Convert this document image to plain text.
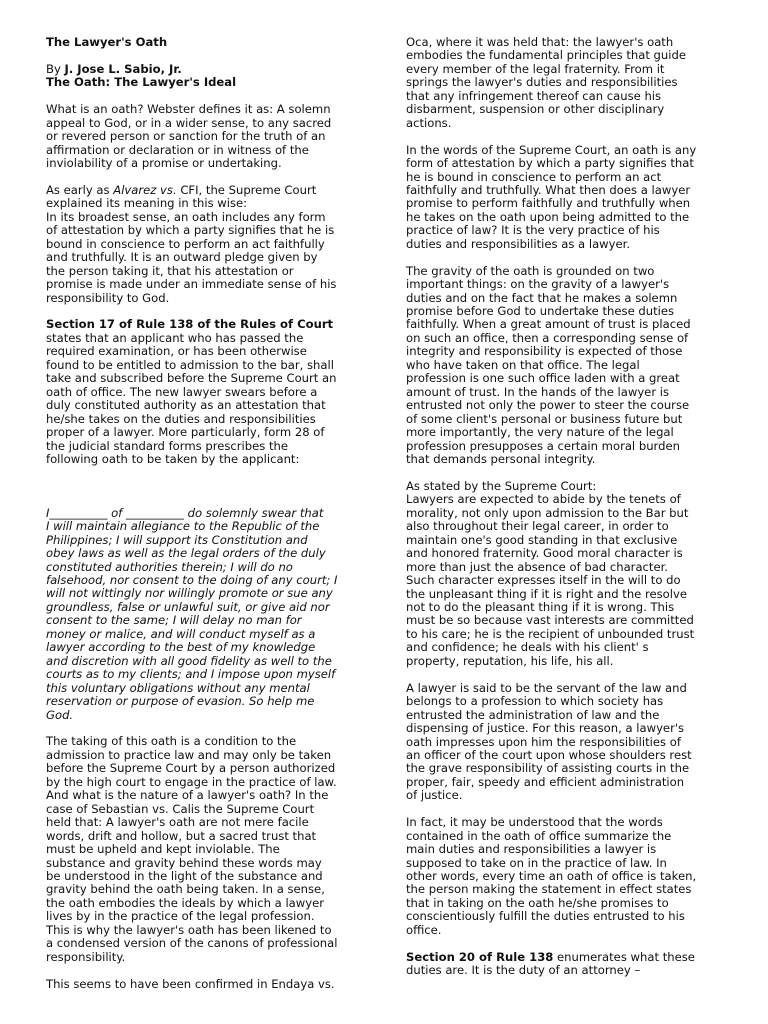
The Lawyer's Oath

By J. Jose L. Sabio, Jr.

The Oath: The Lawyer's Ideal

What is an oath? Webster defines it as: A solemn
appeal to God, or in a wider sense, to any sacred
or revered person or sanction for the truth of an
affirmation or declaration or in witness of the
inviolability of a promise or undertaking.

As early as Alvarez vs. CFI, the Supreme Court
explained its meaning in this wise:
In its broadest sense, an oath includes any form
of attestation by which a party signifies that he is
bound in conscience to perform an act faithfully
and truthfully. It is an outward pledge given by
the person taking it, that his attestation or
promise is made under an immediate sense of his
responsibility to God.

Section 17 of Rule 138 of the Rules of Court

states that an applicant who has passed the
required examination, or has been otherwise
found to be entitled to admission to the bar, shall
take and subscribed before the Supreme Court an
oath of office. The new lawyer swears before a
duly constituted authority as an attestation that
he/she takes on the duties and responsibilities
proper of a lawyer. More particularly, form 28 of
the judicial standard forms prescribes the
following oath to be taken by the applicant:

I__________ of __________ do solemnly swear that
I will maintain allegiance to the Republic of the
Philippines; I will support its Constitution and
obey laws as well as the legal orders of the duly
constituted authorities therein; I will do no
falsehood, nor consent to the doing of any court; I
will not wittingly nor willingly promote or sue any
groundless, false or unlawful suit, or give aid nor
consent to the same; I will delay no man for
money or malice, and will conduct myself as a
lawyer according to the best of my knowledge
and discretion with all good fidelity as well to the
courts as to my clients; and I impose upon myself
this voluntary obligations without any mental
reservation or purpose of evasion. So help me
God.

The taking of this oath is a condition to the
admission to practice law and may only be taken
before the Supreme Court by a person authorized
by the high court to engage in the practice of law.
And what is the nature of a lawyer's oath? In the
case of Sebastian vs. Calis the Supreme Court
held that: A lawyer's oath are not mere facile
words, drift and hollow, but a sacred trust that
must be upheld and kept inviolable. The
substance and gravity behind these words may
be understood in the light of the substance and
gravity behind the oath being taken. In a sense,
the oath embodies the ideals by which a lawyer
lives by in the practice of the legal profession.
This is why the lawyer's oath has been likened to
a condensed version of the canons of professional
responsibility.

This seems to have been confirmed in Endaya vs.

Oca, where it was held that: the lawyer's oath
embodies the fundamental principles that guide
every member of the legal fraternity. From it
springs the lawyer's duties and responsibilities
that any infringement thereof can cause his
disbarment, suspension or other disciplinary
actions.

In the words of the Supreme Court, an oath is any
form of attestation by which a party signifies that
he is bound in conscience to perform an act
faithfully and truthfully. What then does a lawyer
promise to perform faithfully and truthfully when
he takes on the oath upon being admitted to the
practice of law? It is the very practice of his
duties and responsibilities as a lawyer.

The gravity of the oath is grounded on two
important things: on the gravity of a lawyer's
duties and on the fact that he makes a solemn
promise before God to undertake these duties
faithfully. When a great amount of trust is placed
on such an office, then a corresponding sense of
integrity and responsibility is expected of those
who have taken on that office. The legal
profession is one such office laden with a great
amount of trust. In the hands of the lawyer is
entrusted not only the power to steer the course
of some client's personal or business future but
more importantly, the very nature of the legal
profession presupposes a certain moral burden
that demands personal integrity.

As stated by the Supreme Court:
Lawyers are expected to abide by the tenets of
morality, not only upon admission to the Bar but
also throughout their legal career, in order to
maintain one's good standing in that exclusive
and honored fraternity. Good moral character is
more than just the absence of bad character.
Such character expresses itself in the will to do
the unpleasant thing if it is right and the resolve
not to do the pleasant thing if it is wrong. This
must be so because vast interests are committed
to his care; he is the recipient of unbounded trust
and confidence; he deals with his client' s
property, reputation, his life, his all.

A lawyer is said to be the servant of the law and
belongs to a profession to which society has
entrusted the administration of law and the
dispensing of justice. For this reason, a lawyer's
oath impresses upon him the responsibilities of
an officer of the court upon whose shoulders rest
the grave responsibility of assisting courts in the
proper, fair, speedy and efficient administration
of justice.

In fact, it may be understood that the words
contained in the oath of office summarize the
main duties and responsibilities a lawyer is
supposed to take on in the practice of law. In
other words, every time an oath of office is taken,
the person making the statement in effect states
that in taking on the oath he/she promises to
conscientiously fulfill the duties entrusted to his
office.

Section 20 of Rule 138 enumerates what these
duties are. It is the duty of an attorney –
